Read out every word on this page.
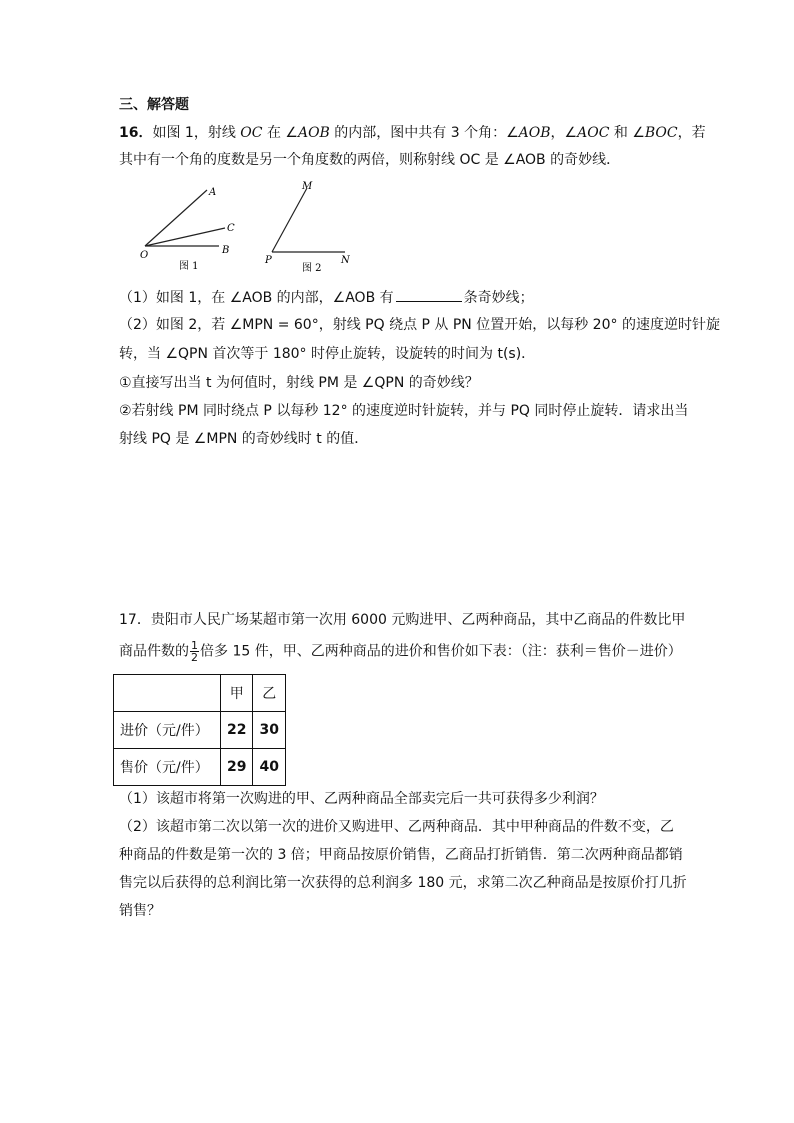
三、解答题
16．如图 1，射线 OC 在 ∠AOB 的内部，图中共有 3 个角：∠AOB，∠AOC 和 ∠BOC，若
其中有一个角的度数是另一个角度数的两倍，则称射线 OC 是 ∠AOB 的奇妙线．
A
C
O	B
图 1
M
P	N
图 2
（1）如图 1，在 ∠AOB 的内部，∠AOB 有	条奇妙线；
（2）如图 2，若 ∠MPN = 60°，射线 PQ 绕点 P 从 PN 位置开始，以每秒 20° 的速度逆时针旋
转，当 ∠QPN 首次等于 180° 时停止旋转，设旋转的时间为 t(s)．
①直接写出当 t 为何值时，射线 PM 是 ∠QPN 的奇妙线？
②若射线 PM 同时绕点 P 以每秒 12° 的速度逆时针旋转，并与 PQ 同时停止旋转．请求出当
射线 PQ 是 ∠MPN 的奇妙线时 t 的值．
17．贵阳市人民广场某超市第一次用 6000 元购进甲、乙两种商品，其中乙商品的件数比甲
商品件数的 $\frac{1}{2}$ 倍多 15 件，甲、乙两种商品的进价和售价如下表：（注：获利＝售价－进价）
	甲	乙
进价（元/件）	22	30
售价（元/件）	29	40
（1）该超市将第一次购进的甲、乙两种商品全部卖完后一共可获得多少利润？
（2）该超市第二次以第一次的进价又购进甲、乙两种商品．其中甲种商品的件数不变，乙
种商品的件数是第一次的 3 倍；甲商品按原价销售，乙商品打折销售．第二次两种商品都销
售完以后获得的总利润比第一次获得的总利润多 180 元，求第二次乙种商品是按原价打几折
销售？
